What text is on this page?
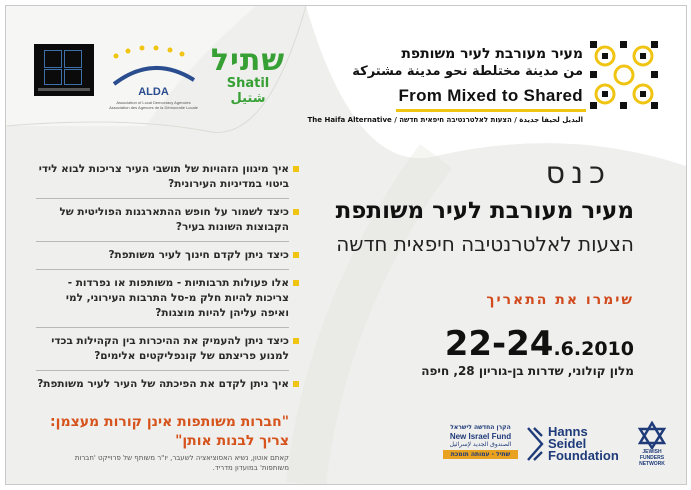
ALDA
Association of Local Democracy Agencies
Association des Agences de la Démocratie Locale
שתיל
Shatil شتيل
מעיר מעורבת לעיר משותפת
من مدينة مختلطة نحو مدينة مشتركة
From Mixed to Shared
The Haifa Alternative / البديل لحيفا جديدة / הצעות לאלטרנטיבה חיפאית חדשה
כנס
מעיר מעורבת לעיר משותפת
הצעות לאלטרנטיבה חיפאית חדשה
שימרו את התאריך
22-24.6.2010
מלון קולוני, שדרות בן-גוריון 28, חיפה
איך מיגוון הזהויות של תושבי העיר צריכות לבוא לידי ביטוי במדיניות העירונית?
כיצד לשמור על חופש ההתארגנות הפוליטית של הקבוצות השונות בעיר?
כיצד ניתן לקדם חינוך לעיר משותפת?
אלו פעולות תרבותיות - משותפות או נפרדות - צריכות להיות חלק מ-סל התרבות העירוני, למי ואיפה עליהן להיות מוצגות?
כיצד ניתן להעמיק את ההיכרות בין הקהילות בכדי למנוע פריצתם של קונפליקטים אלימים?
איך ניתן לקדם את הפיכתה של העיר לעיר משותפת?
"חברות משותפות אינן קורות מעצמן:
צריך לבנות אותן"
קאתם אוטון, נשיא האסוציאציה לשעבר, יו"ר משותף של פרוייקט 'חברות
משותפות' במועדון מדריד.
הקרן החדשה לישראל
New Israel Fund
الصندوق الجديد لإسرائيل
שתיל - עמותה תומכת
Hanns
Seidel
Foundation	JEWISH
FUNDERS
NETWORK
